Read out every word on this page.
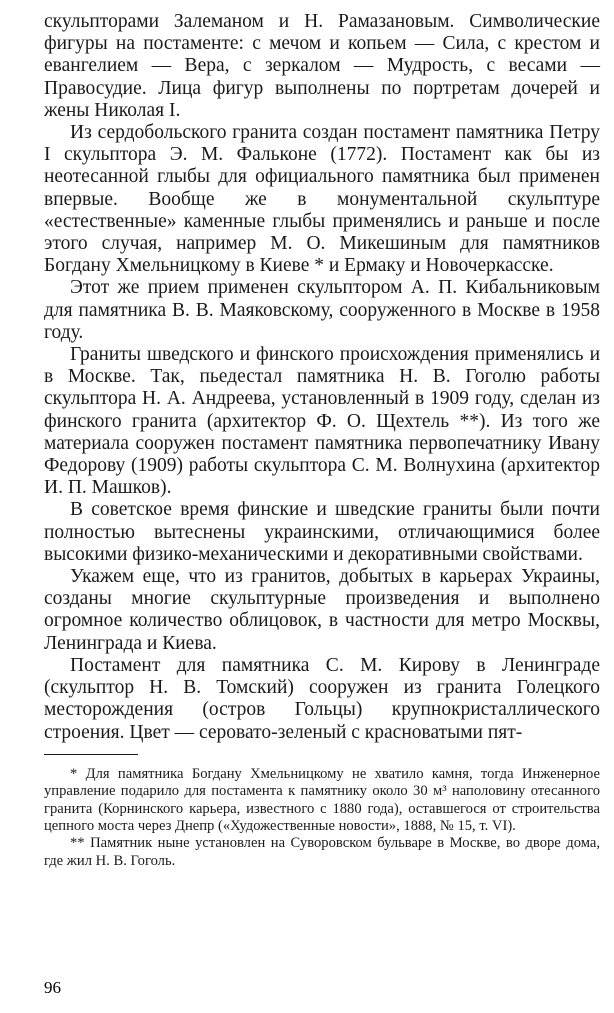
скульпторами Залеманом и Н. Рамазановым. Символические фигуры на постаменте: с мечом и копьем — Сила, с крестом и евангелием — Вера, с зеркалом — Мудрость, с весами — Правосудие. Лица фигур выполнены по портретам дочерей и жены Николая I.

Из сердобольского гранита создан постамент памятника Петру I скульптора Э. М. Фальконе (1772). Постамент как бы из неотесанной глыбы для официального памятника был применен впервые. Вообще же в монументальной скульптуре «естественные» каменные глыбы применялись и раньше и после этого случая, например М. О. Микешиным для памятников Богдану Хмельницкому в Киеве * и Ермаку и Новочеркасске.

Этот же прием применен скульптором А. П. Кибальниковым для памятника В. В. Маяковскому, сооруженного в Москве в 1958 году.

Граниты шведского и финского происхождения применялись и в Москве. Так, пьедестал памятника Н. В. Гоголю работы скульптора Н. А. Андреева, установленный в 1909 году, сделан из финского гранита (архитектор Ф. О. Щехтель **). Из того же материала сооружен постамент памятника первопечатнику Ивану Федорову (1909) работы скульптора С. М. Волнухина (архитектор И. П. Машков).

В советское время финские и шведские граниты были почти полностью вытеснены украинскими, отличающимися более высокими физико-механическими и декоративными свойствами.

Укажем еще, что из гранитов, добытых в карьерах Украины, созданы многие скульптурные произведения и выполнено огромное количество облицовок, в частности для метро Москвы, Ленинграда и Киева.

Постамент для памятника С. М. Кирову в Ленинграде (скульптор Н. В. Томский) сооружен из гранита Голецкого месторождения (остров Гольцы) крупнокристаллического строения. Цвет — серовато-зеленый с красноватыми пят-

* Для памятника Богдану Хмельницкому не хватило камня, тогда Инженерное управление подарило для постамента к памятнику около 30 м³ наполовину отесанного гранита (Корнинского карьера, известного с 1880 года), оставшегося от строительства цепного моста через Днепр («Художественные новости», 1888, № 15, т. VI).

** Памятник ныне установлен на Суворовском бульваре в Москве, во дворе дома, где жил Н. В. Гоголь.

96
